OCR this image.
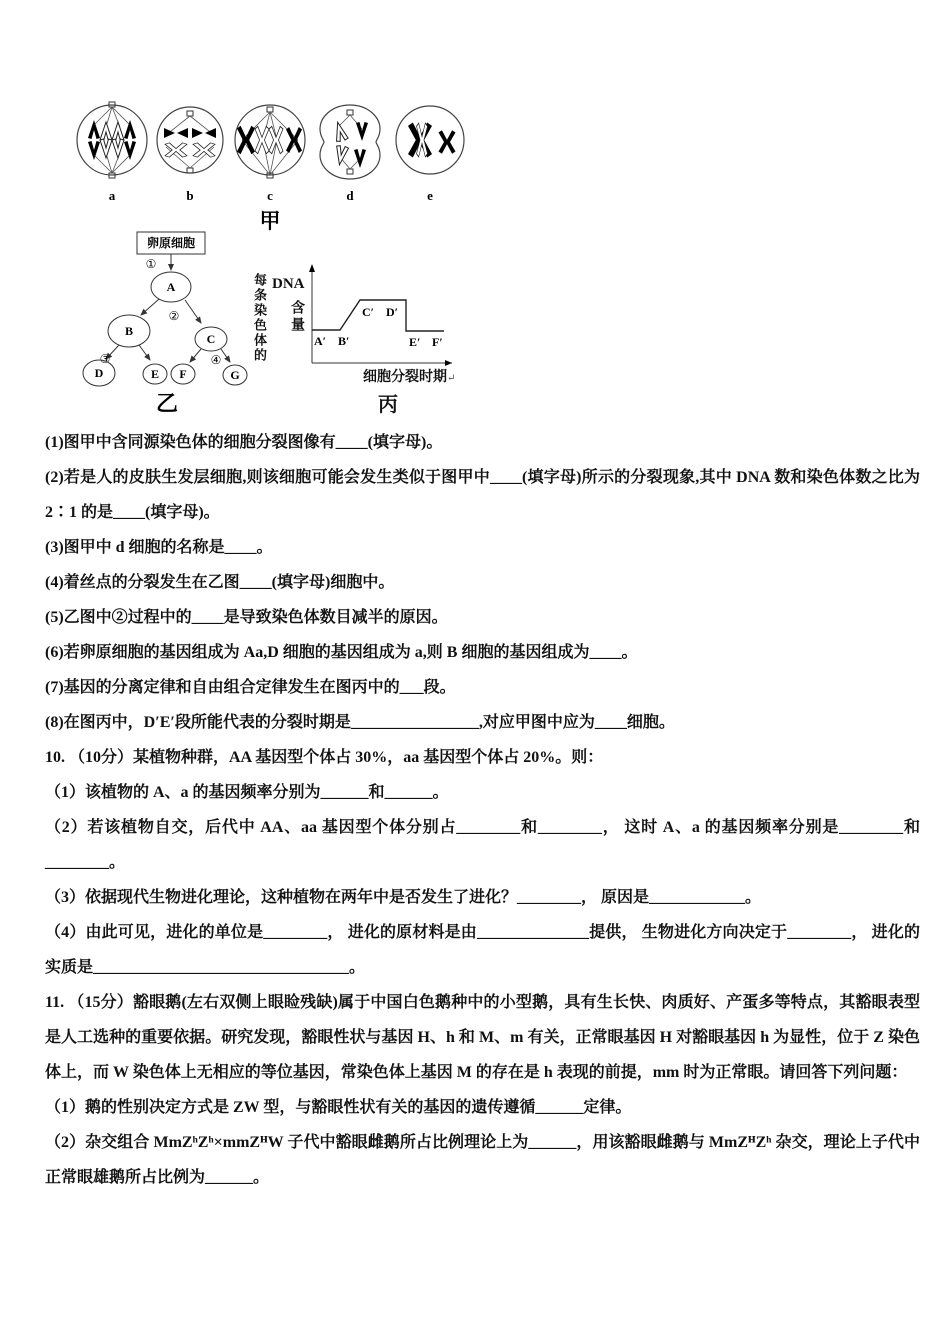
a	b	c	d	e
甲
卵原细胞
①
A
②
B
C
③	④
D	E F	G
乙
每条染色体的 DNA
含量
A′ B′
C′ D′
E′ F′
细胞分裂时期↵
丙

(1)图甲中含同源染色体的细胞分裂图像有____(填字母)。

(2)若是人的皮肤生发层细胞,则该细胞可能会发生类似于图甲中____(填字母)所示的分裂现象,其中 DNA 数和染色体数之比为 2∶1 的是____(填字母)。

(3)图甲中 d 细胞的名称是____。

(4)着丝点的分裂发生在乙图____(填字母)细胞中。

(5)乙图中②过程中的____是导致染色体数目减半的原因。

(6)若卵原细胞的基因组成为 Aa,D 细胞的基因组成为 a,则 B 细胞的基因组成为____。

(7)基因的分离定律和自由组合定律发生在图丙中的___段。

(8)在图丙中，D′E′段所能代表的分裂时期是________________,对应甲图中应为____细胞。

10. （10分）某植物种群，AA 基因型个体占 30%，aa 基因型个体占 20%。则：

（1）该植物的 A、a 的基因频率分别为______和______。

（2）若该植物自交，后代中 AA、aa 基因型个体分别占________和________， 这时 A、a 的基因频率分别是________和________。

（3）依据现代生物进化理论，这种植物在两年中是否发生了进化？________， 原因是____________。

（4）由此可见，进化的单位是________， 进化的原材料是由______________提供， 生物进化方向决定于________， 进化的实质是________________________________。

11. （15分）豁眼鹅(左右双侧上眼睑残缺)属于中国白色鹅种中的小型鹅，具有生长快、肉质好、产蛋多等特点，其豁眼表型是人工选种的重要依据。研究发现，豁眼性状与基因 H、h 和 M、m 有关，正常眼基因 H 对豁眼基因 h 为显性，位于 Z 染色体上，而 W 染色体上无相应的等位基因，常染色体上基因 M 的存在是 h 表现的前提，mm 时为正常眼。请回答下列问题：

（1）鹅的性别决定方式是 ZW 型，与豁眼性状有关的基因的遗传遵循______定律。

（2）杂交组合 MmZʰZʰ×mmZᴴW 子代中豁眼雌鹅所占比例理论上为______，用该豁眼雌鹅与 MmZᴴZʰ 杂交，理论上子代中正常眼雄鹅所占比例为______。
